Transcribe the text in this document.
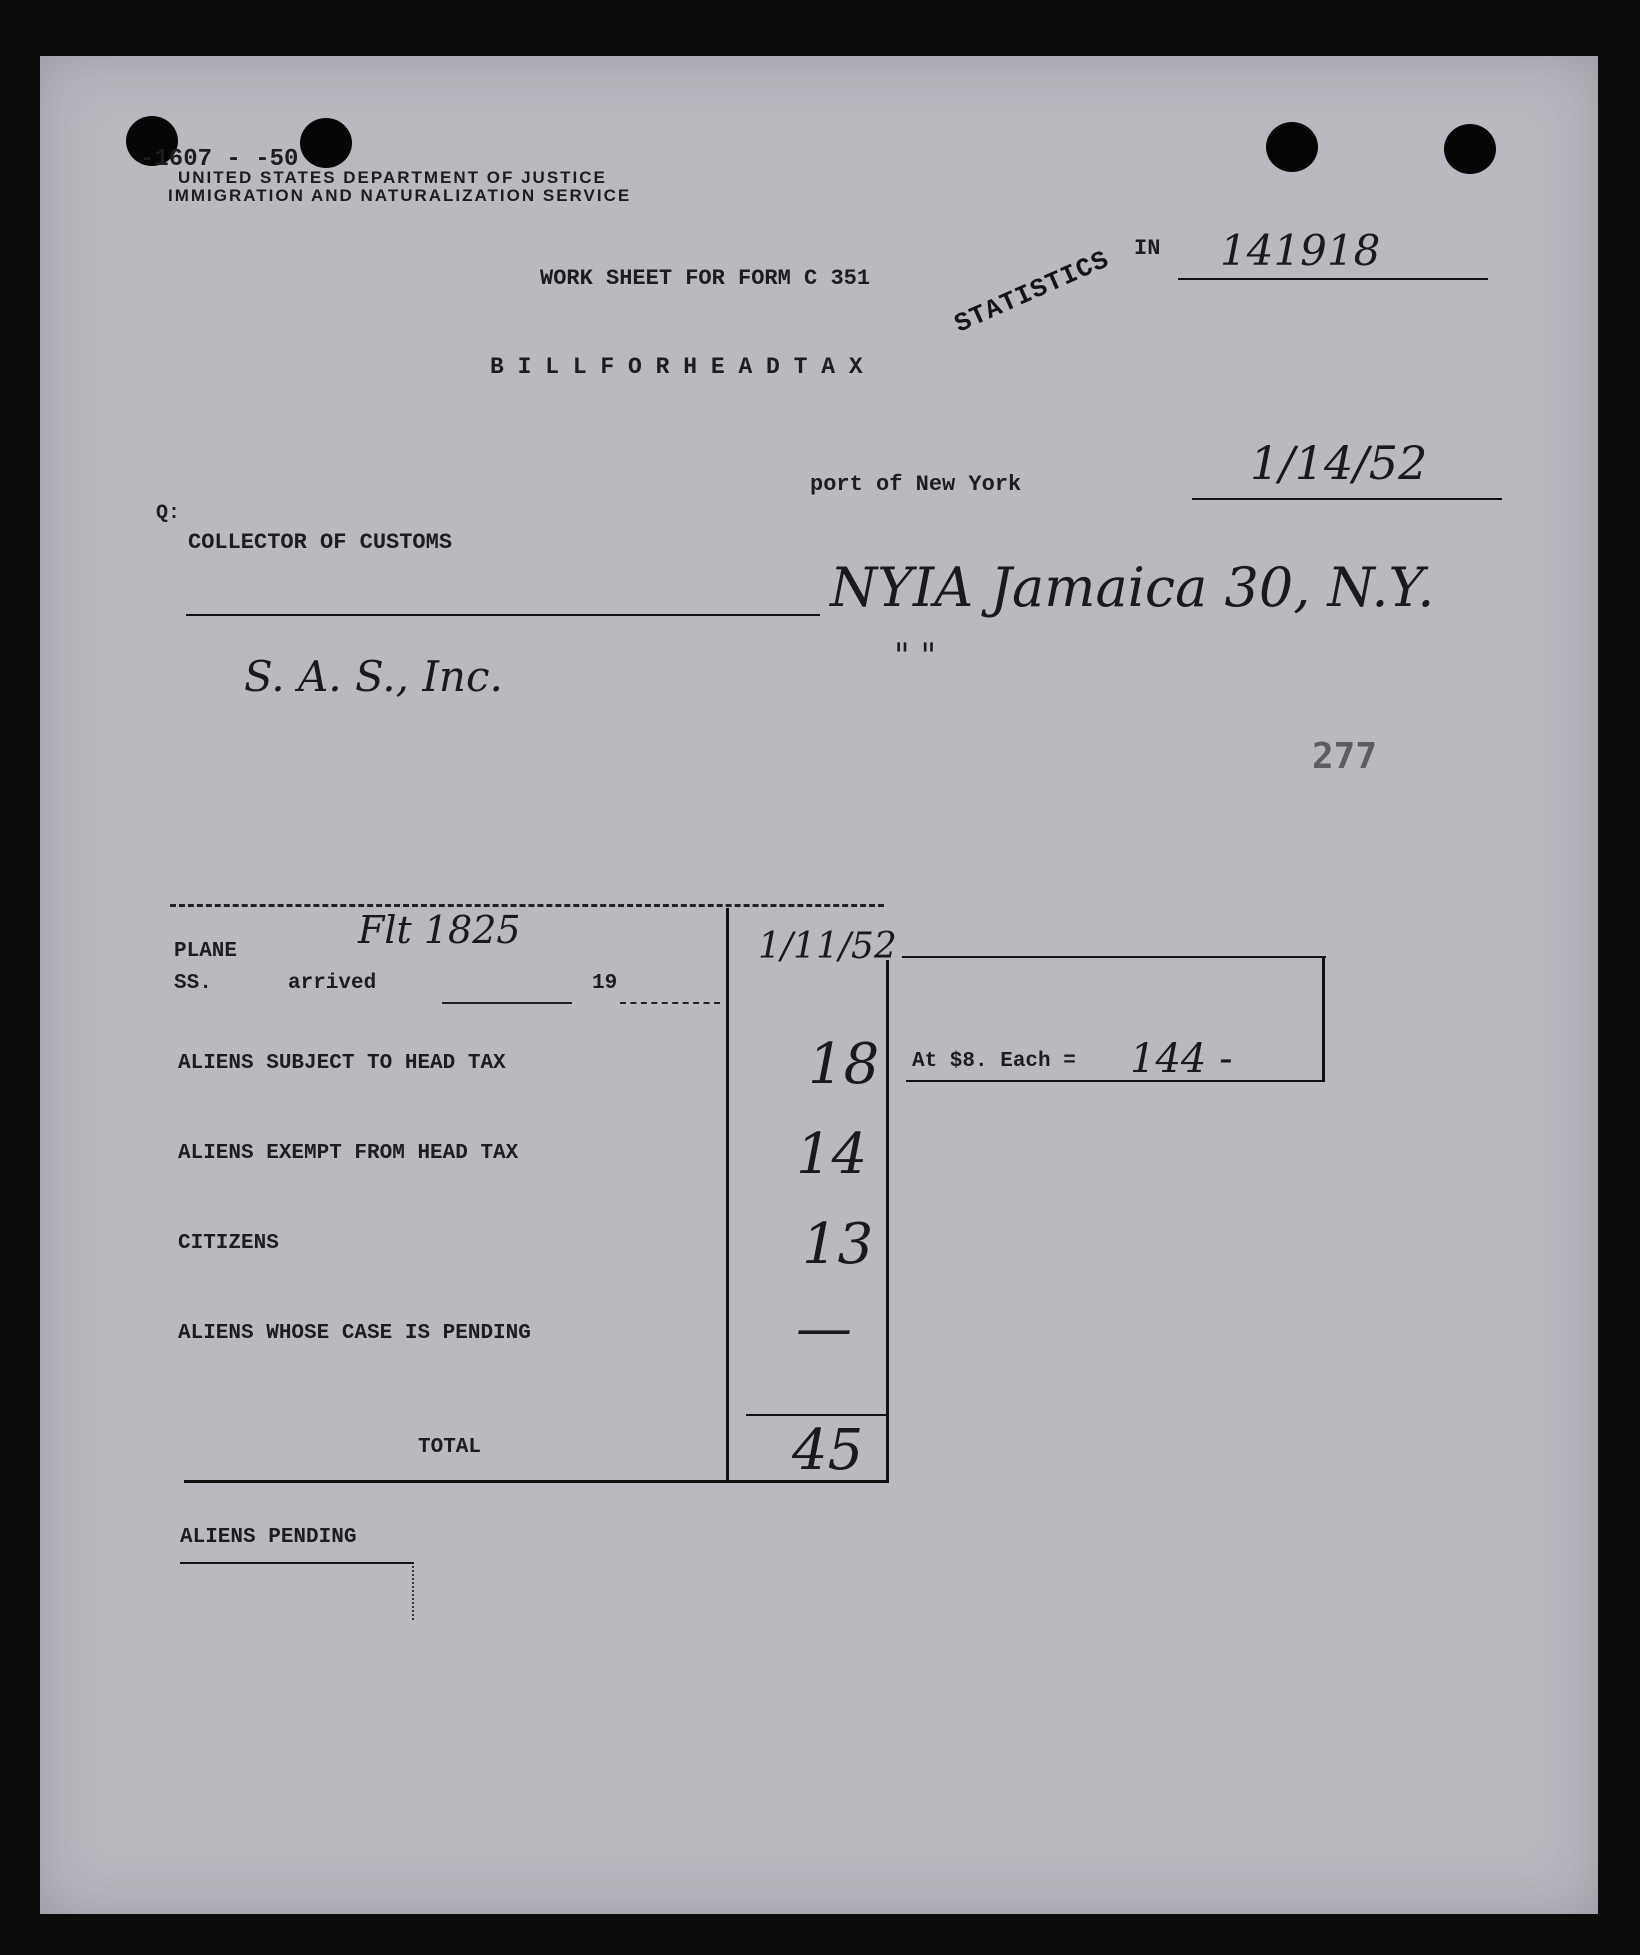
-1607 - -50
UNITED STATES DEPARTMENT OF JUSTICE
IMMIGRATION AND NATURALIZATION SERVICE
IN 141918
WORK SHEET FOR FORM C 351
B I L L F O R H E A D T A X
STATISTICS
port of New York	1/14/52
Q:
COLLECTOR OF CUSTOMS
NYIA Jamaica 30, N.Y.
" "
S. A. S., Inc.
277
PLANE
SS.	arrived	19
Flt 1825	1/11/52
ALIENS SUBJECT TO HEAD TAX	18
ALIENS EXEMPT FROM HEAD TAX	14
CITIZENS	13
ALIENS WHOSE CASE IS PENDING	—
TOTAL	45
At $8. Each = 144 -
ALIENS PENDING
